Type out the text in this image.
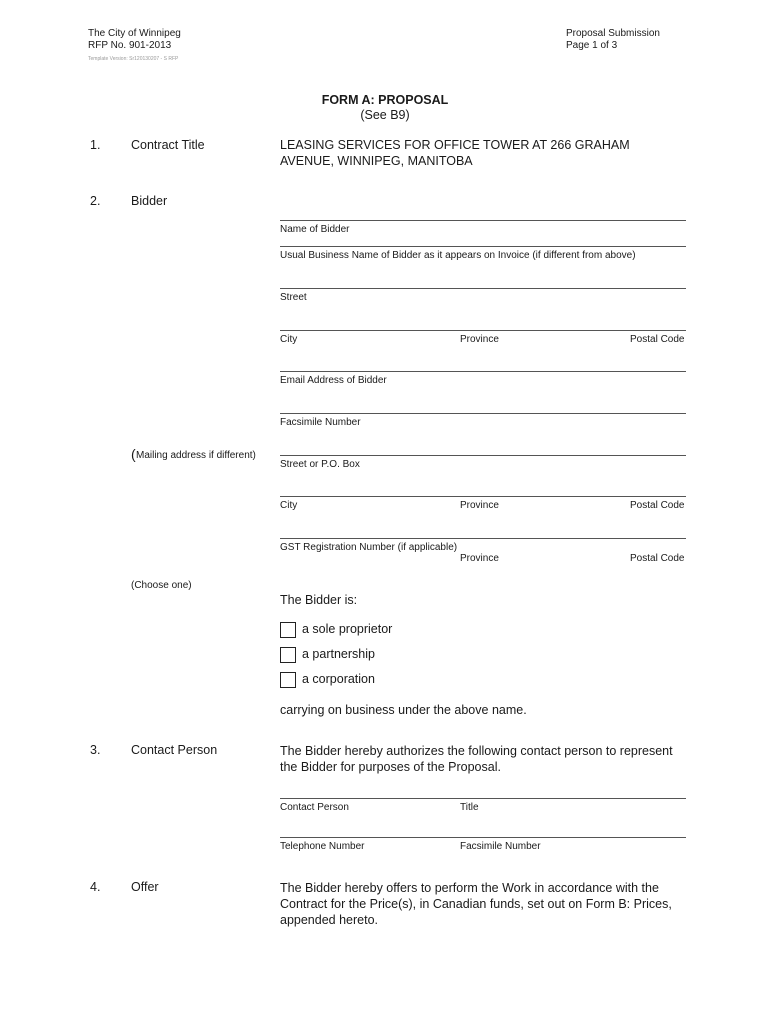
The City of Winnipeg
RFP No. 901-2013
Template Version: Sr120130207 - S RFP
Proposal Submission
Page 1 of 3
FORM A: PROPOSAL
(See B9)
1. Contract Title	LEASING SERVICES FOR OFFICE TOWER AT 266 GRAHAM
AVENUE, WINNIPEG, MANITOBA
2. Bidder
Name of Bidder
Usual Business Name of Bidder as it appears on Invoice (if different from above)
Street
City	Province	Postal Code
Email Address of Bidder
Facsimile Number
( Mailing address if different)
Street or P.O. Box
City	Province	Postal Code
GST Registration Number (if applicable)
Province	Postal Code
(Choose one)
The Bidder is:
a sole proprietor
a partnership
a corporation
carrying on business under the above name.
3. Contact Person	The Bidder hereby authorizes the following contact person to represent
the Bidder for purposes of the Proposal.
Contact Person	Title
Telephone Number	Facsimile Number
4. Offer	The Bidder hereby offers to perform the Work in accordance with the
Contract for the Price(s), in Canadian funds, set out on Form B: Prices,
appended hereto.
